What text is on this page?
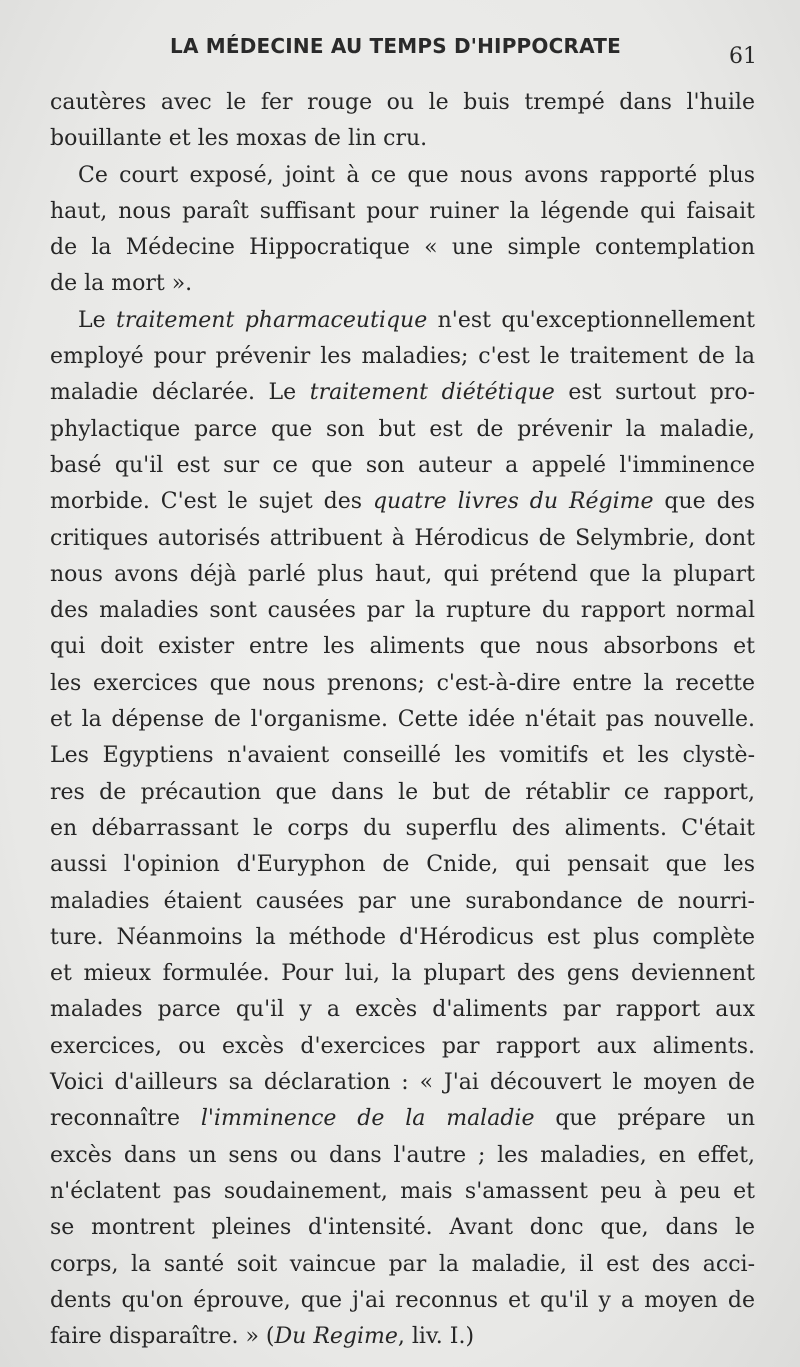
LA MÉDECINE AU TEMPS D'HIPPOCRATE	61
cautères avec le fer rouge ou le buis trempé dans l'huile
bouillante et les moxas de lin cru.
Ce court exposé, joint à ce que nous avons rapporté plus
haut, nous paraît suffisant pour ruiner la légende qui faisait
de la Médecine Hippocratique « une simple contemplation
de la mort ».
Le traitement pharmaceutique n'est qu'exceptionnellement
employé pour prévenir les maladies; c'est le traitement de la
maladie déclarée. Le traitement diététique est surtout pro-
phylactique parce que son but est de prévenir la maladie,
basé qu'il est sur ce que son auteur a appelé l'imminence
morbide. C'est le sujet des quatre livres du Régime que des
critiques autorisés attribuent à Hérodicus de Selymbrie, dont
nous avons déjà parlé plus haut, qui prétend que la plupart
des maladies sont causées par la rupture du rapport normal
qui doit exister entre les aliments que nous absorbons et
les exercices que nous prenons; c'est-à-dire entre la recette
et la dépense de l'organisme. Cette idée n'était pas nouvelle.
Les Egyptiens n'avaient conseillé les vomitifs et les clystè-
res de précaution que dans le but de rétablir ce rapport,
en débarrassant le corps du superflu des aliments. C'était
aussi l'opinion d'Euryphon de Cnide, qui pensait que les
maladies étaient causées par une surabondance de nourri-
ture. Néanmoins la méthode d'Hérodicus est plus complète
et mieux formulée. Pour lui, la plupart des gens deviennent
malades parce qu'il y a excès d'aliments par rapport aux
exercices, ou excès d'exercices par rapport aux aliments.
Voici d'ailleurs sa déclaration : « J'ai découvert le moyen de
reconnaître l'imminence de la maladie que prépare un
excès dans un sens ou dans l'autre ; les maladies, en effet,
n'éclatent pas soudainement, mais s'amassent peu à peu et
se montrent pleines d'intensité. Avant donc que, dans le
corps, la santé soit vaincue par la maladie, il est des acci-
dents qu'on éprouve, que j'ai reconnus et qu'il y a moyen de
faire disparaître. » (Du Regime, liv. I.)
